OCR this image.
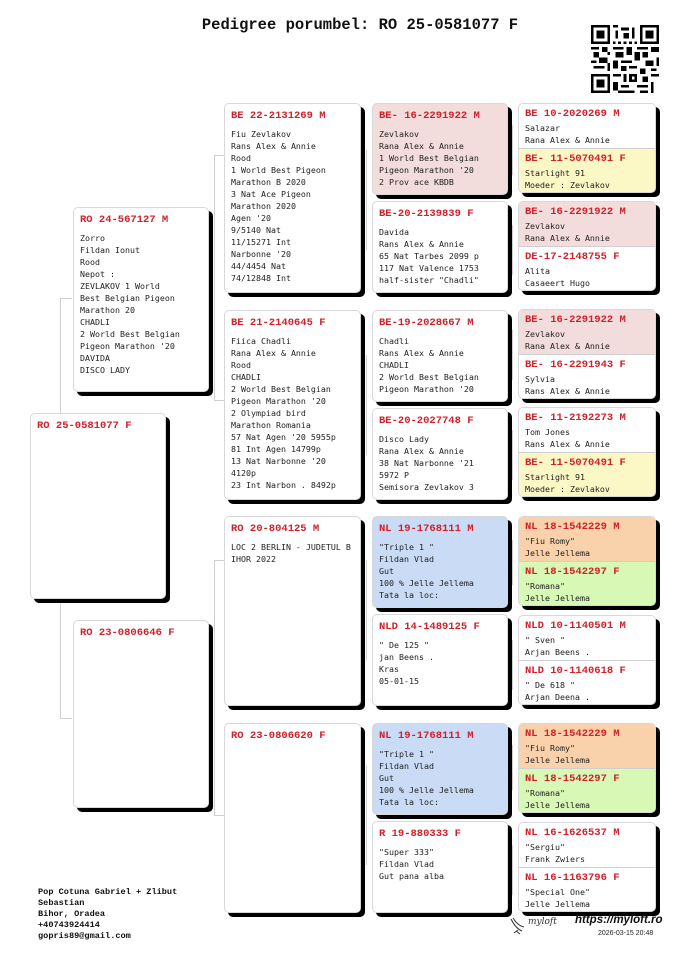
Pedigree porumbel: RO 25-0581077 F
RO 25-0581077 F
RO 24-567127 M
Zorro
Fildan Ionut
Rood
Nepot :
ZEVLAKOV 1 World
Best Belgian Pigeon
Marathon 20
CHADLI
2 World Best Belgian
Pigeon Marathon '20
DAVIDA
DISCO LADY
RO 23-0806646 F
BE 22-2131269 M
Fiu Zevlakov
Rans Alex & Annie
Rood
1 World Best Pigeon
Marathon B 2020
3 Nat Ace Pigeon
Marathon 2020
Agen '20
9/5140 Nat
11/15271 Int
Narbonne '20
44/4454 Nat
74/12848 Int
BE 21-2140645 F
Fiica Chadli
Rana Alex & Annie
Rood
CHADLI
2 World Best Belgian
Pigeon Marathon '20
2 Olympiad bird
Marathon Romania
57 Nat Agen '20 5955p
81 Int Agen 14799p
13 Nat Narbonne '20
4120p
23 Int Narbon . 8492p
RO 20-804125 M
LOC 2 BERLIN - JUDETUL B
IHOR 2022
RO 23-0806620 F
BE- 16-2291922 M
Zevlakov
Rana Alex & Annie
1 World Best Belgian
Pigeon Marathon '20
2 Prov ace KBDB
BE-20-2139839 F
Davida
Rans Alex & Annie
65 Nat Tarbes 2099 p
117 Nat Valence 1753
half-sister "Chadli"
BE-19-2028667 M
Chadli
Rans Alex & Annie
CHADLI
2 World Best Belgian
Pigeon Marathon '20
BE-20-2027748 F
Disco Lady
Rana Alex & Annie
38 Nat Narbonne '21
5972 P
Semisora Zevlakov 3
NL 19-1768111 M
"Triple 1 "
Fildan Vlad
Gut
100 % Jelle Jellema
Tata la loc:
NLD 14-1489125 F
" De 125 "
jan Beens .
Kras
05-01-15
NL 19-1768111 M
"Triple 1 "
Fildan Vlad
Gut
100 % Jelle Jellema
Tata la loc:
R 19-880333 F
"Super 333"
Fildan Vlad
Gut pana alba
BE 10-2020269 M
Salazar
Rana Alex & Annie
BE- 11-5070491 F
Starlight 91
Moeder : Zevlakov
BE- 16-2291922 M
Zevlakov
Rana Alex & Annie
DE-17-2148755 F
Alita
Casaeert Hugo
BE- 16-2291922 M
Zevlakov
Rana Alex & Annie
BE- 16-2291943 F
Sylvia
Rans Alex & Annie
BE- 11-2192273 M
Tom Jones
Rans Alex & Annie
BE- 11-5070491 F
Starlight 91
Moeder : Zevlakov
NL 18-1542229 M
"Fiu Romy"
Jelle Jellema
NL 18-1542297 F
"Romana"
Jelle Jellema
NLD 10-1140501 M
" Sven "
Arjan Beens .
NLD 10-1140618 F
" De 618 "
Arjan Deena .
NL 18-1542229 M
"Fiu Romy"
Jelle Jellema
NL 18-1542297 F
"Romana"
Jelle Jellema
NL 16-1626537 M
"Sergiu"
Frank Zwiers
NL 16-1163796 F
"Special One"
Jelle Jellema
Pop Cotuna Gabriel + Zlibut
Sebastian
Bihor, Oradea
+40743924414
gopris89@gmail.com
myloft https://myloft.ro
2026-03-15 20:48
